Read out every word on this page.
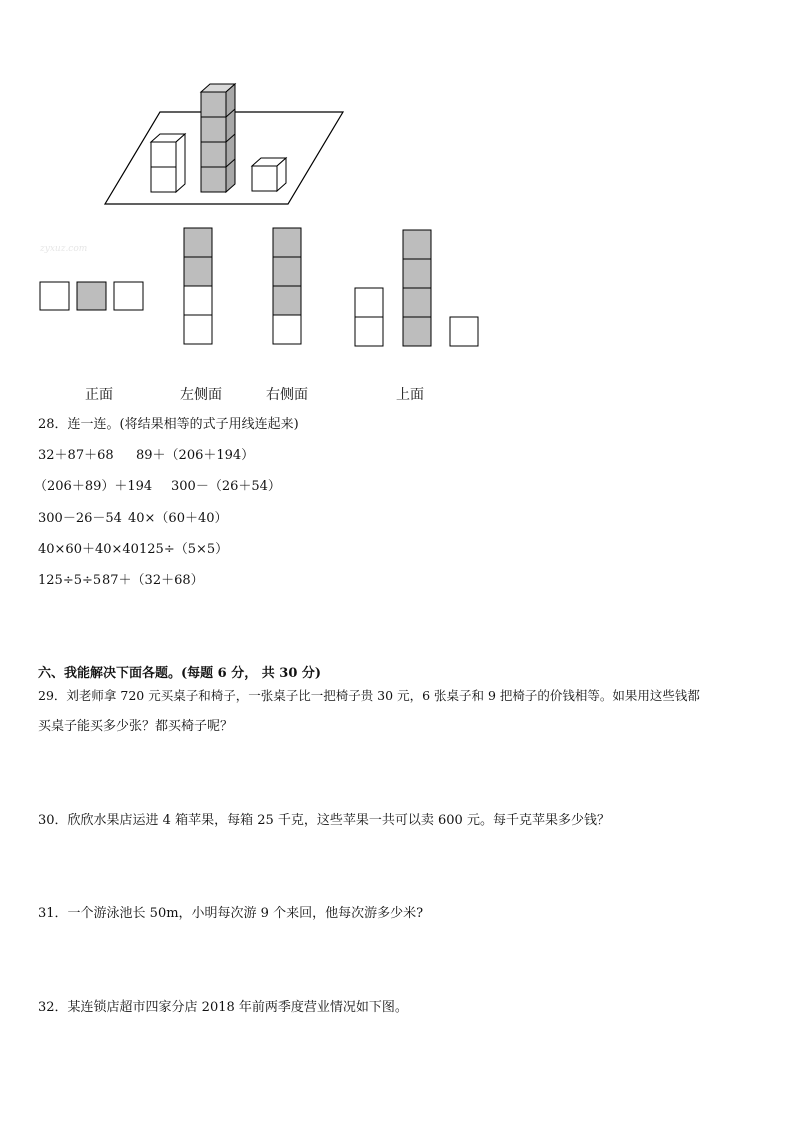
zyxuz.com
正面	左侧面	右侧面	上面
28．连一连。(将结果相等的式子用线连起来)
32＋87＋68 89＋（206＋194）
（206＋89）＋194 300－（26＋54）
300－26－54 40×（60＋40）
40×60＋40×40 125÷（5×5）
125÷5÷5 87＋（32＋68）
六、我能解决下面各题。(每题 6 分， 共 30 分)
29．刘老师拿 720 元买桌子和椅子，一张桌子比一把椅子贵 30 元，6 张桌子和 9 把椅子的价钱相等。如果用这些钱都
买桌子能买多少张？都买椅子呢？
30．欣欣水果店运进 4 箱苹果，每箱 25 千克，这些苹果一共可以卖 600 元。每千克苹果多少钱？
31．一个游泳池长 50m，小明每次游 9 个来回，他每次游多少米?
32．某连锁店超市四家分店 2018 年前两季度营业情况如下图。
